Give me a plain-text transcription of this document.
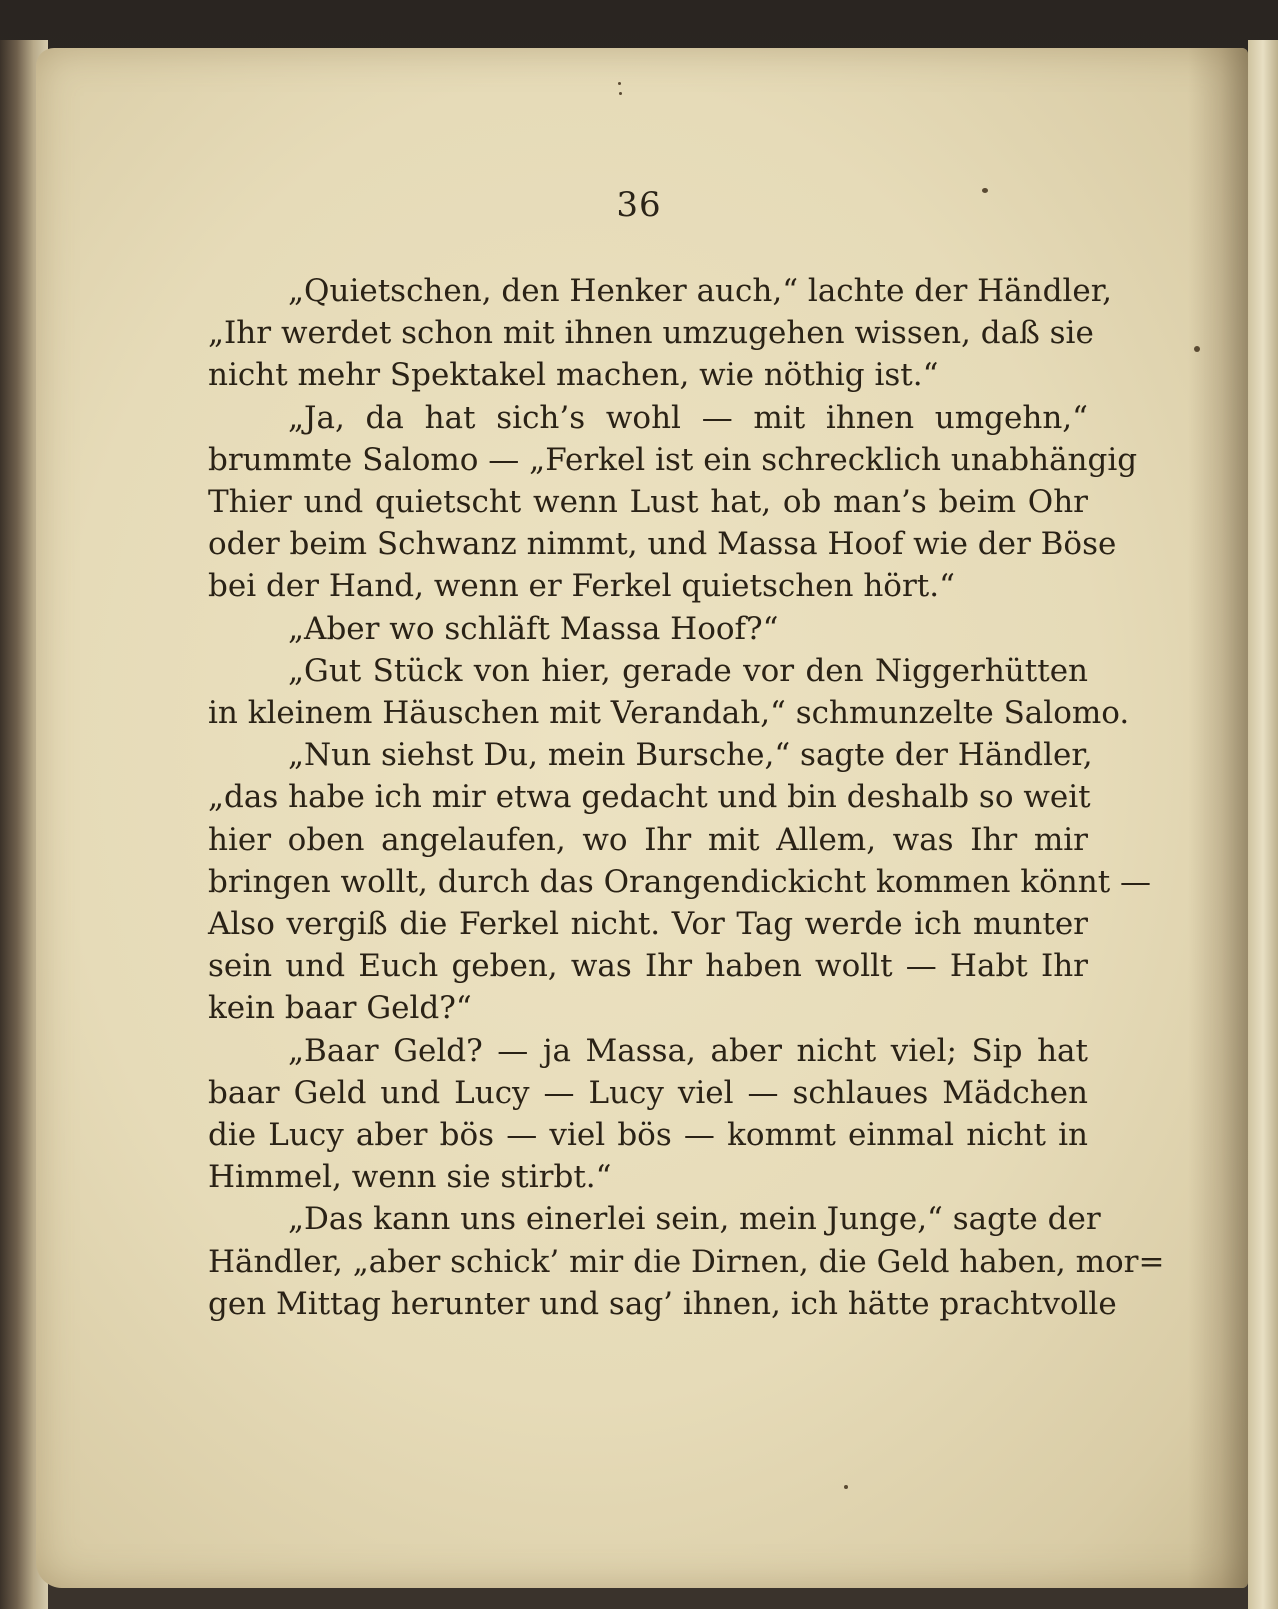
36
„Quietschen, den Henker auch,“ lachte der Händler,
„Ihr werdet schon mit ihnen umzugehen wissen, daß sie
nicht mehr Spektakel machen, wie nöthig ist.“
„Ja, da hat sich’s wohl — mit ihnen umgehn,“
brummte Salomo — „Ferkel ist ein schrecklich unabhängig
Thier und quietscht wenn Lust hat, ob man’s beim Ohr
oder beim Schwanz nimmt, und Massa Hoof wie der Böse
bei der Hand, wenn er Ferkel quietschen hört.“
„Aber wo schläft Massa Hoof?“
„Gut Stück von hier, gerade vor den Niggerhütten
in kleinem Häuschen mit Verandah,“ schmunzelte Salomo.
„Nun siehst Du, mein Bursche,“ sagte der Händler,
„das habe ich mir etwa gedacht und bin deshalb so weit
hier oben angelaufen, wo Ihr mit Allem, was Ihr mir
bringen wollt, durch das Orangendickicht kommen könnt —
Also vergiß die Ferkel nicht. Vor Tag werde ich munter
sein und Euch geben, was Ihr haben wollt — Habt Ihr
kein baar Geld?“
„Baar Geld? — ja Massa, aber nicht viel; Sip hat
baar Geld und Lucy — Lucy viel — schlaues Mädchen
die Lucy aber bös — viel bös — kommt einmal nicht in
Himmel, wenn sie stirbt.“
„Das kann uns einerlei sein, mein Junge,“ sagte der
Händler, „aber schick’ mir die Dirnen, die Geld haben, mor=
gen Mittag herunter und sag’ ihnen, ich hätte prachtvolle
